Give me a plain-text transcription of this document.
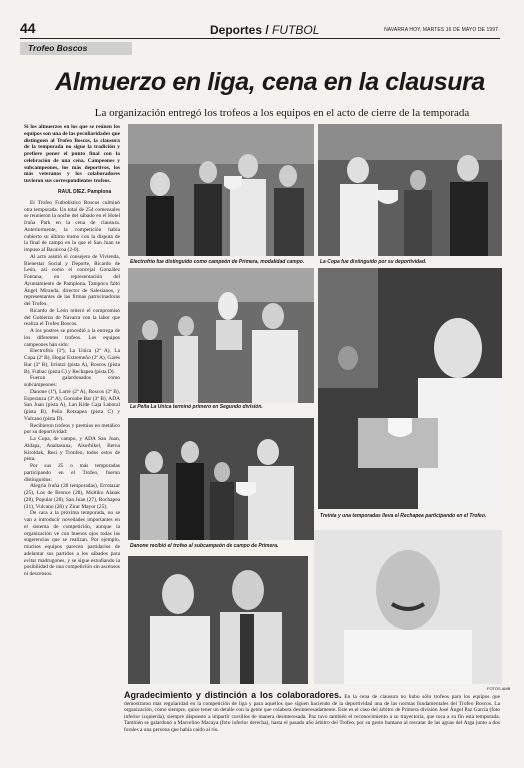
44	Deportes / FUTBOL	NAVARRA HOY, MARTES 16 DE MAYO DE 1997
Trofeo Boscos
Almuerzo en liga, cena en la clausura
La organización entregó los trofeos a los equipos en el acto de cierre de la temporada

Si los almuerzos en los que se reúnen los equipos son una de las peculiaridades que distinguen al Trofeo Boscos, la clausura de la temporada no sigue la tradición y prefiere poner el punto final con la celebración de una cena. Campeones y subcampeones, los más deportivos, los más veteranos y los colaboradores tuvieron sus correspondientes trofeos.

RAUL DIEZ. Pamplona

El Trofeo Futbolístico Boscos culminó otra temporada. Un total de 254 comensales se reunieron la noche del sábado en el Hotel Iruña Park en la cena de clausura. Anteriormente, la competición había cubierto su último tramo con la disputa de la final de campo en la que el San Juan se impuso al Bacaicoa (2-0).

Al acto asistió el consejero de Vivienda, Bienestar Social y Deporte, Ricardo de León, así como el concejal González Fontana, en representación del Ayuntamiento de Pamplona. Tampoco faltó Ángel Miranda, director de Salesianos, y representantes de las firmas patrocinadoras del Trofeo.

Ricardo de León reiteró el compromiso del Gobierno de Navarra con la labor que realiza el Trofeo Boscos.

A los postres se procedió a la entrega de los diferentes trofeos. Los equipos campeones han sido:

Electrofrío (1ª), La Unica (2ª A), La Copa (2ª B), Hogar Extremeño (3ª A), Garés Bar (3ª B), Irrintzi (pista A), Boscos (pista B), Futbac (pista C) y Rechapea (pista D).

Fueron galardonados como subcampeones:

Danone (1ª), Larre (2ª A), Boscos (2ª B), Esperanza (3ª A), Goroabe Bar (3ª B), ADA San Juan (pista A), Lan Kide Caja Laboral (pista B), Peña Rotxapea (pista C) y Vulcano (pista D).

Recibieron trofeos y premios en metálico por su deportividad:

La Copa, de campo, y ADA San Juan, Aldapa, Anaitasuna, Alsorbikel, Berna Kiroldak, Resi y Tronfeo, todos estos de pista.

Por sus 25 o más temporadas participando en el Trofeo, fueron distinguidos:

Alegría Iruña (28 temporadas), Errotazar (25), Los de Bronce (28), Multiko Alaiak (28), Popular (28), San Juan (27), Rochapea (31), Vulcano (28) y Zirar Mayor (25).

De cara a la próxima temporada, no se van a introducir novedades importantes en el sistema de competición, aunque la organización ve con buenos ojos todas las sugerencias que se realizan. Por ejemplo, muchos equipos parecen partidarios de adelantar sus partidos a los sábados para evitar madrugones, y se sigue estudiando la posibilidad de una competición sin ascensos ni descensos.

Electrofrío fue distinguido como campeón de Primera, modalidad campo.	La Copa fue distinguido por su deportividad.
La Peña La Unica terminó primero en Segundo división.
Danone recibió el trofeo al subcampeón de campo de Primera.
Treinta y una temporadas lleva el Rechapea participando en el Trofeo.
FOTOS AMB
Agradecimiento y distinción a los colaboradores. En la cena de clausura no hubo sólo trofeos para los equipos que demostraron más regularidad en la competición de liga y para aquellos que siguen haciendo de la deportividad una de las normas fundamentales del Trofeo Boscos. La organización, como siempre, quiso tener un detalle con la gente que colabora desinteresadamente. Este es el caso del árbitro de Primera división José Ángel Paz García (foto inferior izquierda), siempre dispuesto a impartir cursillos de manera desinteresada. Paz tuvo también el reconocimiento a su trayectoria, que toca a su fin esta temporada. También se galardonó a Marcelino Macaya (foto inferior derecha), hasta el pasado año árbitro del Trofeo, por su gesto humano al rescatar de las aguas del Arga junto a dos forales a una persona que había caído al río.
